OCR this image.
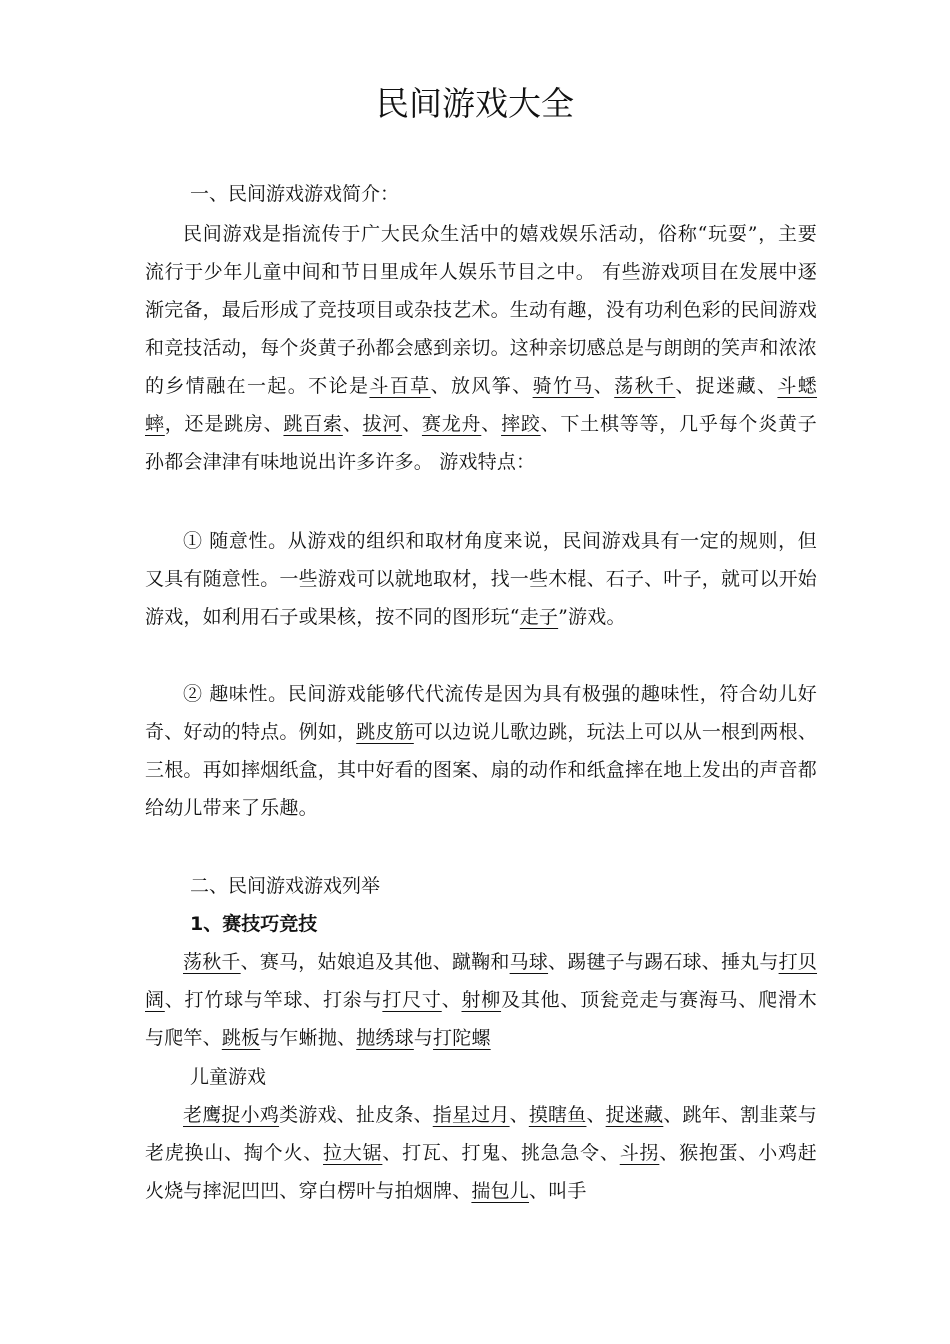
民间游戏大全
一、民间游戏游戏简介：

民间游戏是指流传于广大民众生活中的嬉戏娱乐活动，俗称“玩耍”，主要流行于少年儿童中间和节日里成年人娱乐节目之中。 有些游戏项目在发展中逐渐完备，最后形成了竞技项目或杂技艺术。生动有趣，没有功利色彩的民间游戏和竞技活动，每个炎黄子孙都会感到亲切。这种亲切感总是与朗朗的笑声和浓浓的乡情融在一起。不论是斗百草、放风筝、骑竹马、荡秋千、捉迷藏、斗蟋蟀，还是跳房、跳百索、拔河、赛龙舟、摔跤、下土棋等等，几乎每个炎黄子孙都会津津有味地说出许多许多。 游戏特点：

① 随意性。从游戏的组织和取材角度来说，民间游戏具有一定的规则，但又具有随意性。一些游戏可以就地取材，找一些木棍、石子、叶子，就可以开始游戏，如利用石子或果核，按不同的图形玩“走子”游戏。

② 趣味性。民间游戏能够代代流传是因为具有极强的趣味性，符合幼儿好奇、好动的特点。例如，跳皮筋可以边说儿歌边跳，玩法上可以从一根到两根、三根。再如摔烟纸盒，其中好看的图案、扇的动作和纸盒摔在地上发出的声音都给幼儿带来了乐趣。

二、民间游戏游戏列举
1、赛技巧竞技

荡秋千、赛马，姑娘追及其他、蹴鞠和马球、踢毽子与踢石球、捶丸与打贝阔、打竹球与竿球、打尜与打尺寸、射柳及其他、顶瓮竞走与赛海马、爬滑木与爬竿、跳板与乍蜥抛、抛绣球与打陀螺

儿童游戏

老鹰捉小鸡类游戏、扯皮条、指星过月、摸瞎鱼、捉迷藏、跳年、割韭菜与老虎换山、掏个火、拉大锯、打瓦、打鬼、挑急急令、斗拐、猴抱蛋、小鸡赶火烧与摔泥凹凹、穿白楞叶与拍烟牌、揣包儿、叫手
